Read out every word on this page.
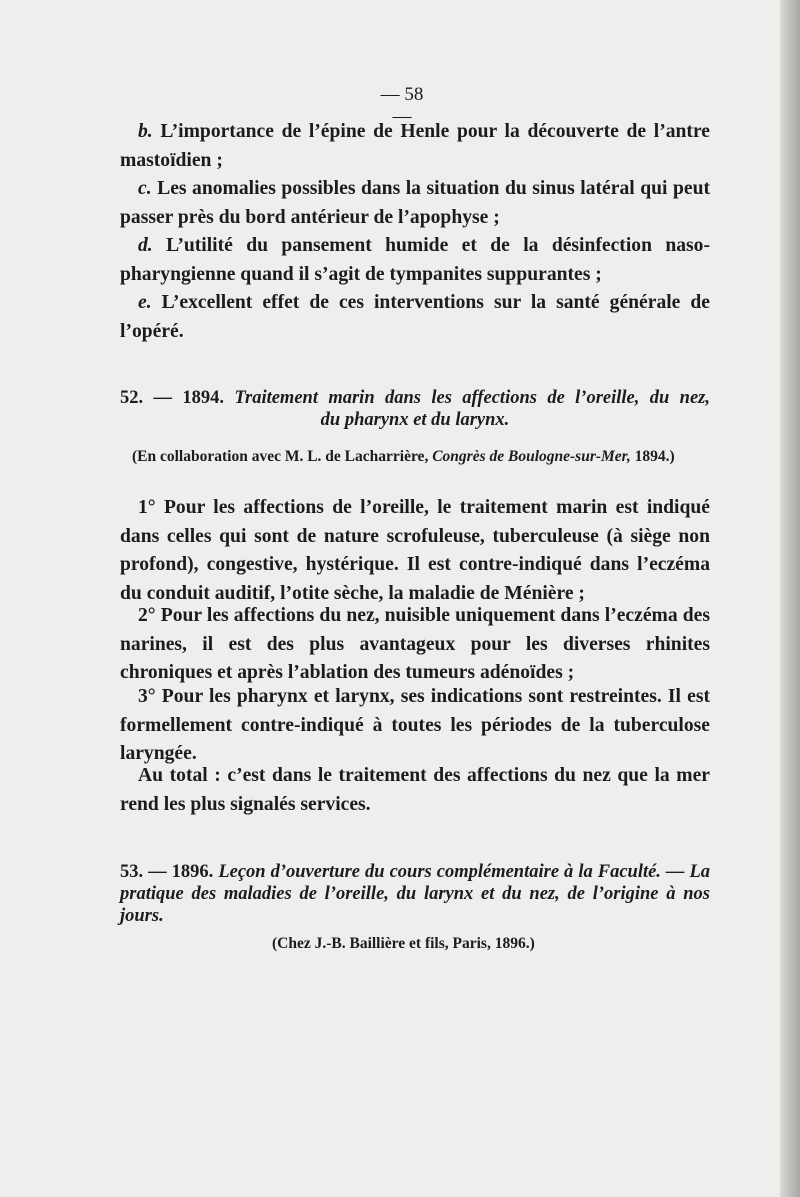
— 58 —

b. L’importance de l’épine de Henle pour la découverte de l’antre mastoïdien ;

c. Les anomalies possibles dans la situation du sinus latéral qui peut passer près du bord antérieur de l’apophyse ;

d. L’utilité du pansement humide et de la désinfection naso-pharyngienne quand il s’agit de tympanites suppurantes ;

e. L’excellent effet de ces interventions sur la santé générale de l’opéré.

52. — 1894. Traitement marin dans les affections de l’oreille, du nez,
du pharynx et du larynx.

(En collaboration avec M. L. de Lacharrière, Congrès de Boulogne-sur-Mer, 1894.)

1° Pour les affections de l’oreille, le traitement marin est indiqué dans celles qui sont de nature scrofuleuse, tuberculeuse (à siège non profond), congestive, hystérique. Il est contre-indiqué dans l’eczéma du conduit auditif, l’otite sèche, la maladie de Ménière ;

2° Pour les affections du nez, nuisible uniquement dans l’eczéma des narines, il est des plus avantageux pour les diverses rhinites chroniques et après l’ablation des tumeurs adénoïdes ;

3° Pour les pharynx et larynx, ses indications sont restreintes. Il est formellement contre-indiqué à toutes les périodes de la tuberculose laryngée.

Au total : c’est dans le traitement des affections du nez que la mer rend les plus signalés services.

53. — 1896. Leçon d’ouverture du cours complémentaire à la Faculté. — La pratique des maladies de l’oreille, du larynx et du nez, de l’origine à nos jours.

(Chez J.-B. Baillière et fils, Paris, 1896.)
